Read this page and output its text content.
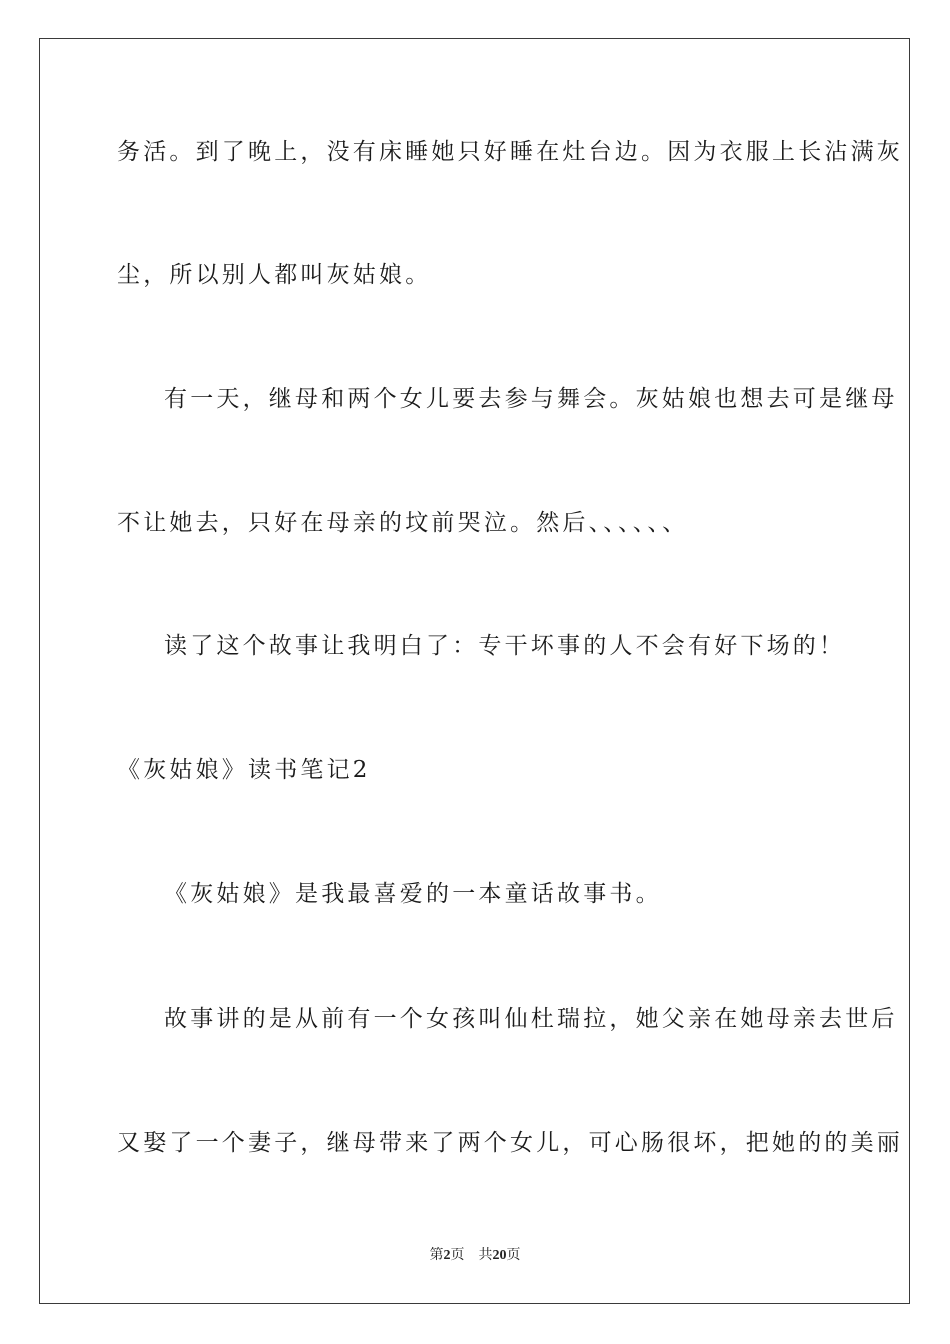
务活。到了晚上，没有床睡她只好睡在灶台边。因为衣服上长沾满灰
尘，所以别人都叫灰姑娘。
有一天，继母和两个女儿要去参与舞会。灰姑娘也想去可是继母
不让她去，只好在母亲的坟前哭泣。然后、、、、、、
读了这个故事让我明白了：专干坏事的人不会有好下场的！
《灰姑娘》读书笔记2
《灰姑娘》是我最喜爱的一本童话故事书。
故事讲的是从前有一个女孩叫仙杜瑞拉，她父亲在她母亲去世后
又娶了一个妻子，继母带来了两个女儿，可心肠很坏，把她的的美丽
第2页 共20页
